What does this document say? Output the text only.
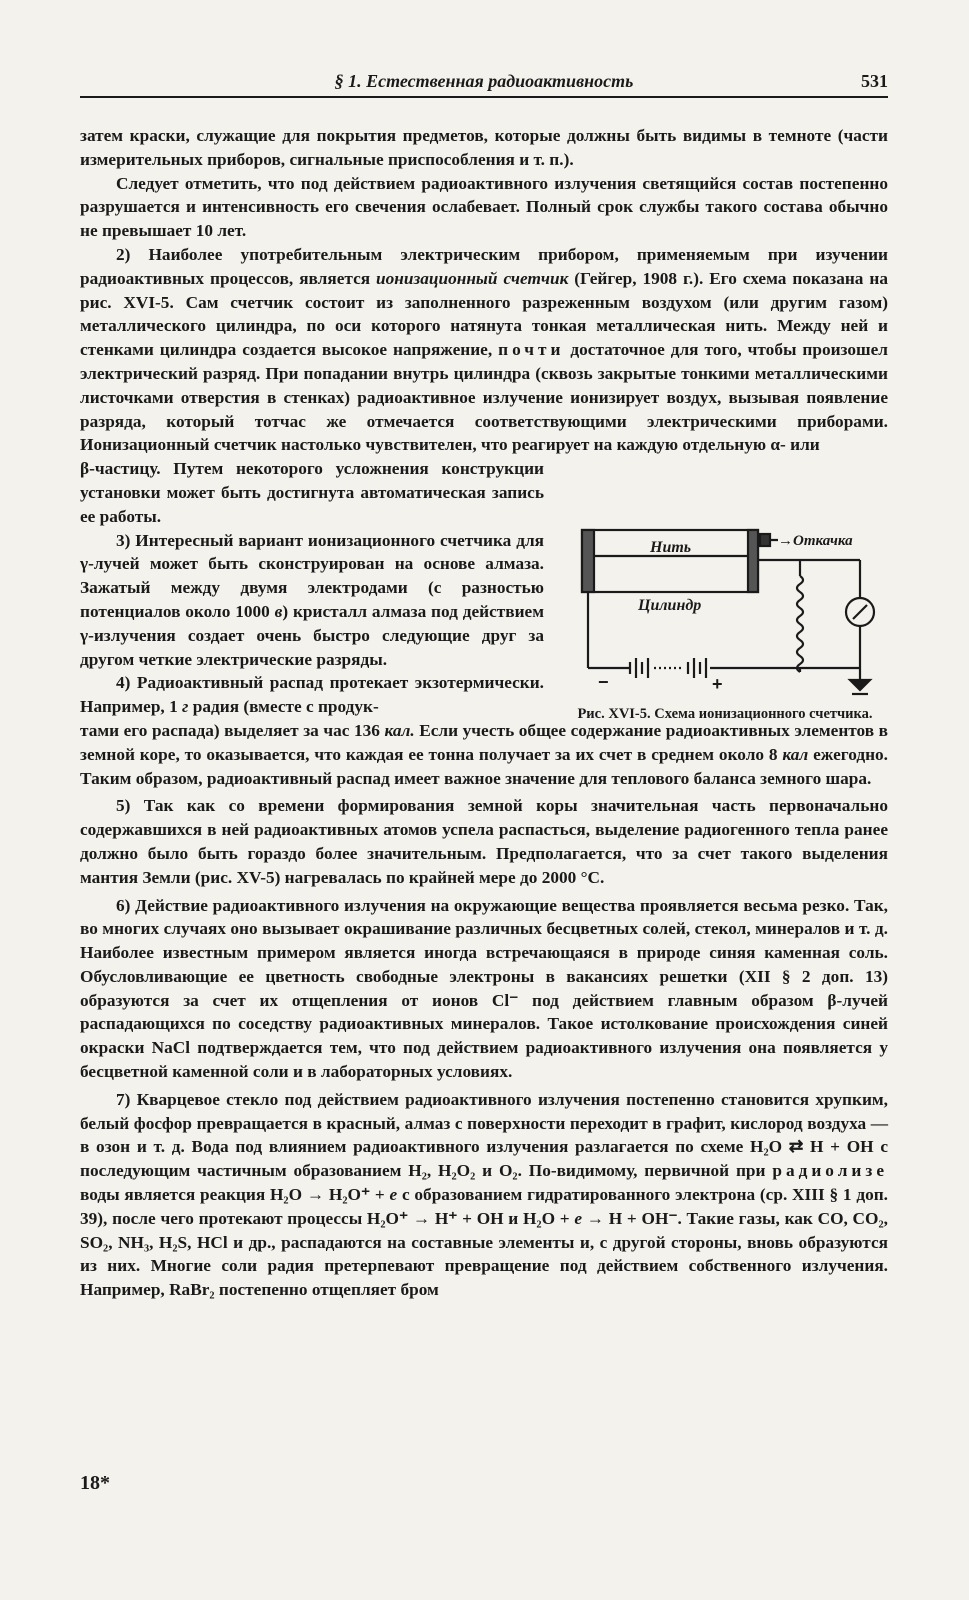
§ 1. Естественная радиоактивность	531

затем краски, служащие для покрытия предметов, которые должны быть видимы в темноте (части измерительных приборов, сигнальные приспособления и т. п.).

Следует отметить, что под действием радиоактивного излучения светящийся состав постепенно разрушается и интенсивность его свечения ослабевает. Полный срок службы такого состава обычно не превышает 10 лет.

2) Наиболее употребительным электрическим прибором, применяемым при изучении радиоактивных процессов, является ионизационный счетчик (Гейгер, 1908 г.). Его схема показана на рис. XVI-5. Сам счетчик состоит из заполненного разреженным воздухом (или другим газом) металлического цилиндра, по оси которого натянута тонкая металлическая нить. Между ней и стенками цилиндра создается высокое напряжение, почти достаточное для того, чтобы произошел электрический разряд. При попадании внутрь цилиндра (сквозь закрытые тонкими металлическими листочками отверстия в стенках) радиоактивное излучение ионизирует воздух, вызывая появление разряда, который тотчас же отмечается соответствующими электрическими приборами. Ионизационный счетчик настолько чувствителен, что реагирует на каждую отдельную α- или

β-частицу. Путем некоторого усложнения конструкции установки может быть достигнута автоматическая запись ее работы.

3) Интересный вариант ионизационного счетчика для γ-лучей может быть сконструирован на основе алмаза. Зажатый между двумя электродами (с разностью потенциалов около 1000 в) кристалл алмаза под действием γ-излучения создает очень быстро следующие друг за другом четкие электрические разряды.

4) Радиоактивный распад протекает экзотермически. Например, 1 г радия (вместе с продук-

тами его распада) выделяет за час 136 кал. Если учесть общее содержание радиоактивных элементов в земной коре, то оказывается, что каждая ее тонна получает за их счет в среднем около 8 кал ежегодно. Таким образом, радиоактивный распад имеет важное значение для теплового баланса земного шара.

5) Так как со времени формирования земной коры значительная часть первоначально содержавшихся в ней радиоактивных атомов успела распасться, выделение радиогенного тепла ранее должно было быть гораздо более значительным. Предполагается, что за счет такого выделения мантия Земли (рис. XV-5) нагревалась по крайней мере до 2000 °С.

6) Действие радиоактивного излучения на окружающие вещества проявляется весьма резко. Так, во многих случаях оно вызывает окрашивание различных бесцветных солей, стекол, минералов и т. д. Наиболее известным примером является иногда встречающаяся в природе синяя каменная соль. Обусловливающие ее цветность свободные электроны в вакансиях решетки (XII § 2 доп. 13) образуются за счет их отщепления от ионов Cl⁻ под действием главным образом β-лучей распадающихся по соседству радиоактивных минералов. Такое истолкование происхождения синей окраски NaCl подтверждается тем, что под действием радиоактивного излучения она появляется у бесцветной каменной соли и в лабораторных условиях.

7) Кварцевое стекло под действием радиоактивного излучения постепенно становится хрупким, белый фосфор превращается в красный, алмаз с поверхности переходит в графит, кислород воздуха — в озон и т. д. Вода под влиянием радиоактивного излучения разлагается по схеме H₂O ⇄ H + OH с последующим частичным образованием H₂, H₂O₂ и O₂. По-видимому, первичной при радиолизе воды является реакция H₂O → H₂O⁺ + e с образованием гидратированного электрона (ср. XIII § 1 доп. 39), после чего протекают процессы H₂O⁺ → H⁺ + OH и H₂O + e → H + OH⁻. Такие газы, как CO, CO₂, SO₂, NH₃, H₂S, HCl и др., распадаются на составные элементы и, с другой стороны, вновь образуются из них. Многие соли радия претерпевают превращение под действием собственного излучения. Например, RaBr₂ постепенно отщепляет бром

Нить
Цилиндр
→Откачка
−	+
Рис. XVI-5. Схема ионизационного счетчика.
18*
